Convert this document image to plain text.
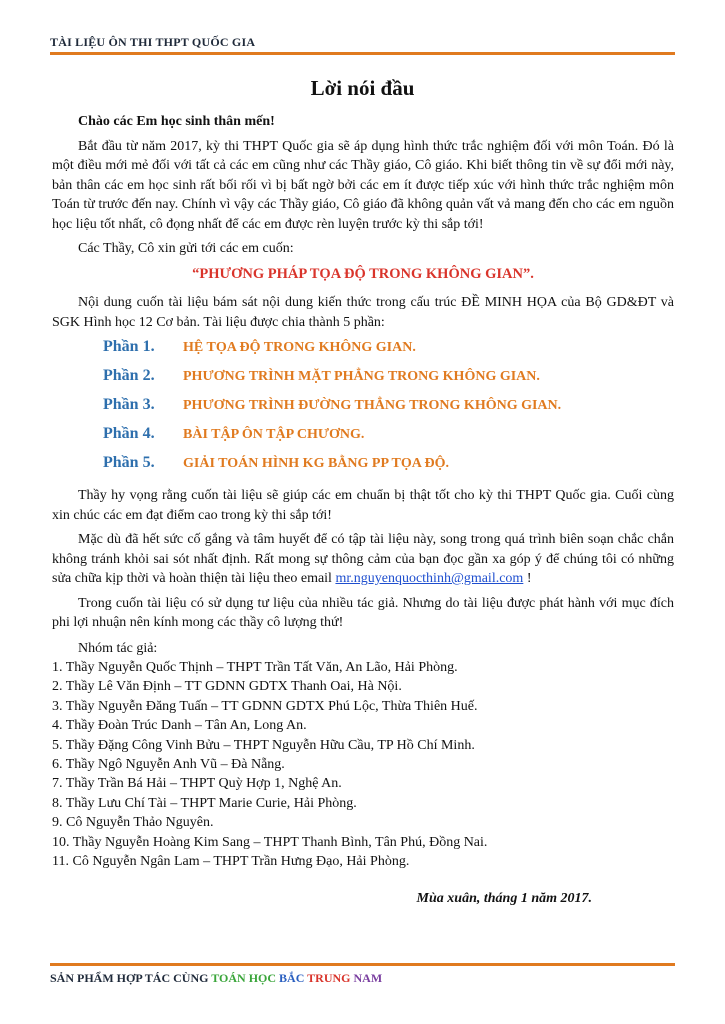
TÀI LIỆU ÔN THI THPT QUỐC GIA
Lời nói đầu

Chào các Em học sinh thân mến!

Bắt đầu từ năm 2017, kỳ thi THPT Quốc gia sẽ áp dụng hình thức trắc nghiệm đối với môn Toán. Đó là một điều mới mẻ đối với tất cả các em cũng như các Thầy giáo, Cô giáo. Khi biết thông tin về sự đổi mới này, bản thân các em học sinh rất bối rối vì bị bất ngờ bởi các em ít được tiếp xúc với hình thức trắc nghiệm môn Toán từ trước đến nay. Chính vì vậy các Thầy giáo, Cô giáo đã không quản vất vả mang đến cho các em nguồn học liệu tốt nhất, cô đọng nhất để các em được rèn luyện trước kỳ thi sắp tới!

Các Thầy, Cô xin gửi tới các em cuốn:

“PHƯƠNG PHÁP TỌA ĐỘ TRONG KHÔNG GIAN”.

Nội dung cuốn tài liệu bám sát nội dung kiến thức trong cấu trúc ĐỀ MINH HỌA của Bộ GD&ĐT và SGK Hình học 12 Cơ bản. Tài liệu được chia thành 5 phần:

Phần 1.	HỆ TỌA ĐỘ TRONG KHÔNG GIAN.
Phần 2.	PHƯƠNG TRÌNH MẶT PHẲNG TRONG KHÔNG GIAN.
Phần 3.	PHƯƠNG TRÌNH ĐƯỜNG THẲNG TRONG KHÔNG GIAN.
Phần 4.	BÀI TẬP ÔN TẬP CHƯƠNG.
Phần 5.	GIẢI TOÁN HÌNH KG BẰNG PP TỌA ĐỘ.

Thầy hy vọng rằng cuốn tài liệu sẽ giúp các em chuẩn bị thật tốt cho kỳ thi THPT Quốc gia. Cuối cùng xin chúc các em đạt điểm cao trong kỳ thi sắp tới!

Mặc dù đã hết sức cố gắng và tâm huyết để có tập tài liệu này, song trong quá trình biên soạn chắc chắn không tránh khỏi sai sót nhất định. Rất mong sự thông cảm của bạn đọc gần xa góp ý để chúng tôi có những sửa chữa kịp thời và hoàn thiện tài liệu theo email mr.nguyenquocthinh@gmail.com !

Trong cuốn tài liệu có sử dụng tư liệu của nhiều tác giả. Nhưng do tài liệu được phát hành với mục đích phi lợi nhuận nên kính mong các thầy cô lượng thứ!

Nhóm tác giả:
1. Thầy Nguyễn Quốc Thịnh – THPT Trần Tất Văn, An Lão, Hải Phòng.
2. Thầy Lê Văn Định – TT GDNN GDTX Thanh Oai, Hà Nội.
3. Thầy Nguyễn Đăng Tuấn – TT GDNN GDTX Phú Lộc, Thừa Thiên Huế.
4. Thầy Đoàn Trúc Danh – Tân An, Long An.
5. Thầy Đặng Công Vinh Bửu – THPT Nguyễn Hữu Cầu, TP Hồ Chí Minh.
6. Thầy Ngô Nguyễn Anh Vũ – Đà Nẵng.
7. Thầy Trần Bá Hải – THPT Quỳ Hợp 1, Nghệ An.
8. Thầy Lưu Chí Tài – THPT Marie Curie, Hải Phòng.
9. Cô Nguyễn Thảo Nguyên.
10. Thầy Nguyễn Hoàng Kim Sang – THPT Thanh Bình, Tân Phú, Đồng Nai.
11. Cô Nguyễn Ngân Lam – THPT Trần Hưng Đạo, Hải Phòng.
Mùa xuân, tháng 1 năm 2017.
SẢN PHẨM HỢP TÁC CÙNG TOÁN HỌC BẮC TRUNG NAM
